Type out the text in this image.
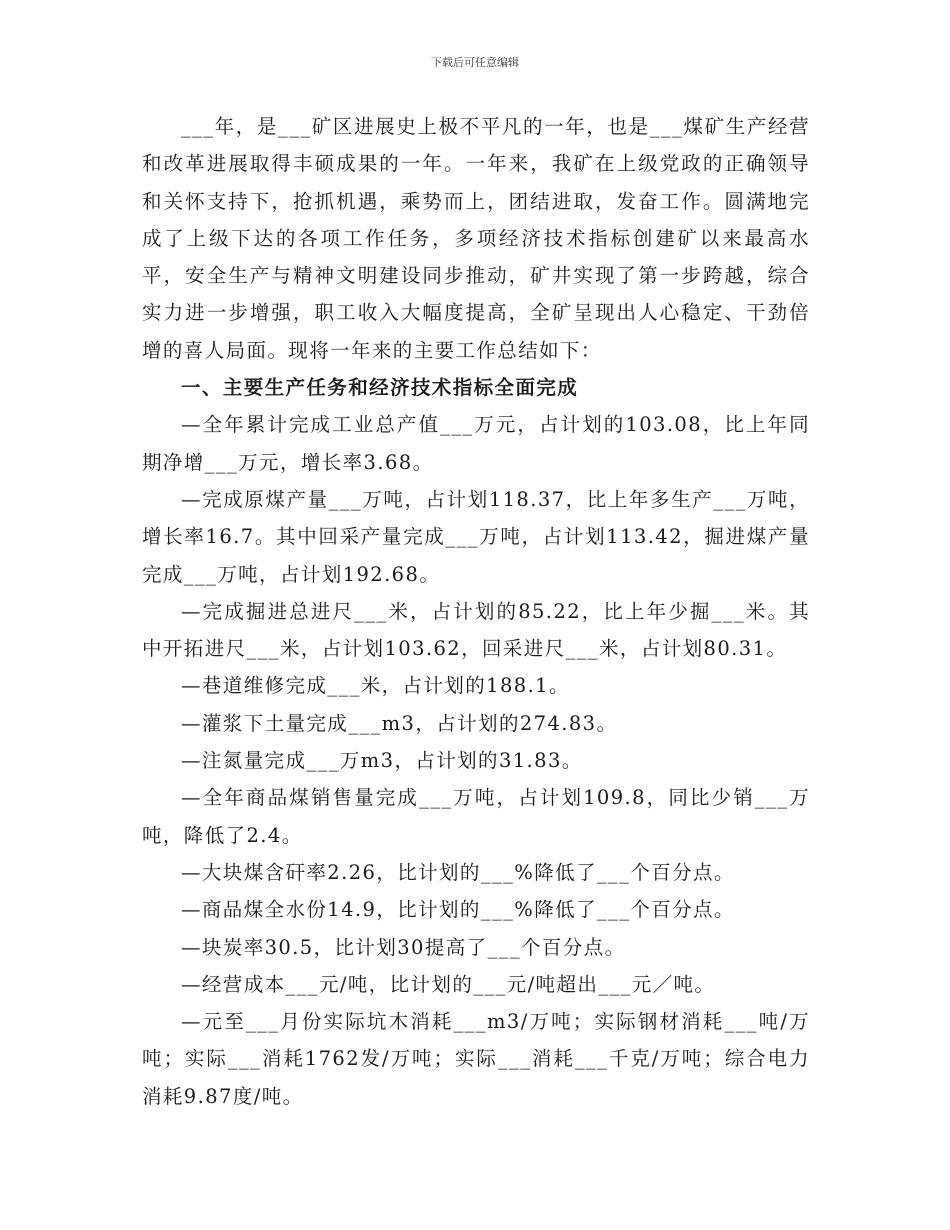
下载后可任意编辑

___年，是___矿区进展史上极不平凡的一年，也是___煤矿生产经营和改革进展取得丰硕成果的一年。一年来，我矿在上级党政的正确领导和关怀支持下，抢抓机遇，乘势而上，团结进取，发奋工作。圆满地完成了上级下达的各项工作任务，多项经济技术指标创建矿以来最高水平，安全生产与精神文明建设同步推动，矿井实现了第一步跨越，综合实力进一步增强，职工收入大幅度提高，全矿呈现出人心稳定、干劲倍增的喜人局面。现将一年来的主要工作总结如下：

一、主要生产任务和经济技术指标全面完成

—全年累计完成工业总产值___万元，占计划的103.08，比上年同期净增___万元，增长率3.68。

—完成原煤产量___万吨，占计划118.37，比上年多生产___万吨，增长率16.7。其中回采产量完成___万吨，占计划113.42，掘进煤产量完成___万吨，占计划192.68。

—完成掘进总进尺___米，占计划的85.22，比上年少掘___米。其中开拓进尺___米，占计划103.62，回采进尺___米，占计划80.31。

—巷道维修完成___米，占计划的188.1。

—灌浆下土量完成___m3，占计划的274.83。

—注氮量完成___万m3，占计划的31.83。

—全年商品煤销售量完成___万吨，占计划109.8，同比少销___万吨，降低了2.4。

—大块煤含矸率2.26，比计划的___%降低了___个百分点。

—商品煤全水份14.9，比计划的___%降低了___个百分点。

—块炭率30.5，比计划30提高了___个百分点。

—经营成本___元/吨，比计划的___元/吨超出___元／吨。

—元至___月份实际坑木消耗___m3/万吨；实际钢材消耗___吨/万吨；实际___消耗1762发/万吨；实际___消耗___千克/万吨；综合电力消耗9.87度/吨。
